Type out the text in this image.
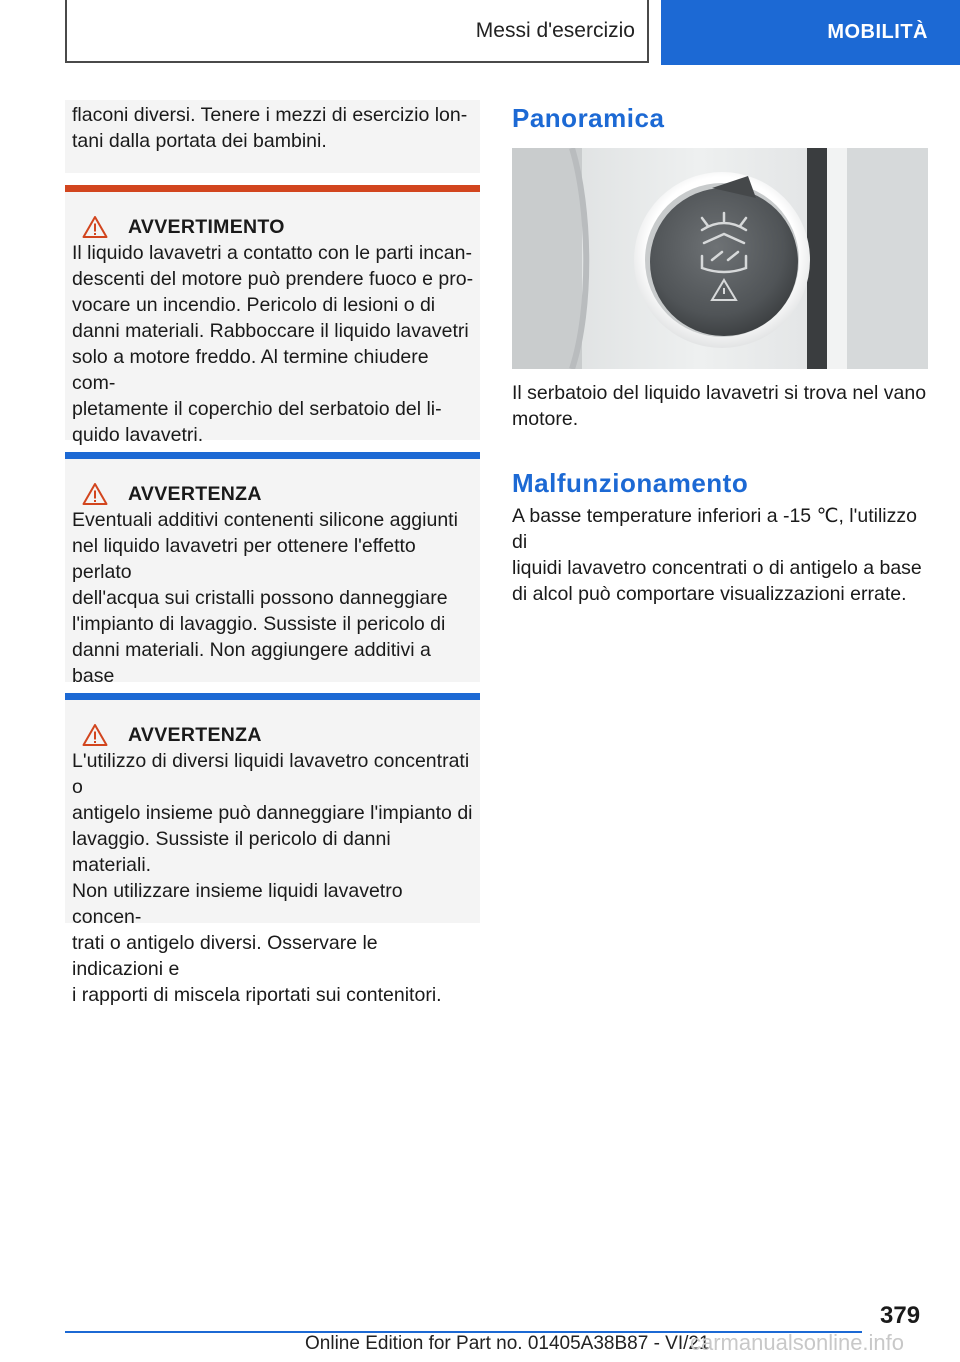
Messi d'esercizio	MOBILITÀ

flaconi diversi. Tenere i mezzi di esercizio lon-
tani dalla portata dei bambini.

AVVERTIMENTO

Il liquido lavavetri a contatto con le parti incan-
descenti del motore può prendere fuoco e pro-
vocare un incendio. Pericolo di lesioni o di
danni materiali. Rabboccare il liquido lavavetri
solo a motore freddo. Al termine chiudere com-
pletamente il coperchio del serbatoio del li-
quido lavavetri.

AVVERTENZA

Eventuali additivi contenenti silicone aggiunti
nel liquido lavavetri per ottenere l'effetto perlato
dell'acqua sui cristalli possono danneggiare
l'impianto di lavaggio. Sussiste il pericolo di
danni materiali. Non aggiungere additivi a base

AVVERTENZA

L'utilizzo di diversi liquidi lavavetro concentrati o
antigelo insieme può danneggiare l'impianto di
lavaggio. Sussiste il pericolo di danni materiali.
Non utilizzare insieme liquidi lavavetro concen-
trati o antigelo diversi. Osservare le indicazioni e
i rapporti di miscela riportati sui contenitori.

Panoramica

Il serbatoio del liquido lavavetri si trova nel vano
motore.

Malfunzionamento

A basse temperature inferiori a -15 ℃, l'utilizzo di
liquidi lavavetro concentrati o di antigelo a base
di alcol può comportare visualizzazioni errate.

379
Online Edition for Part no. 01405A38B87 - VI/21
carmanualsonline.info
